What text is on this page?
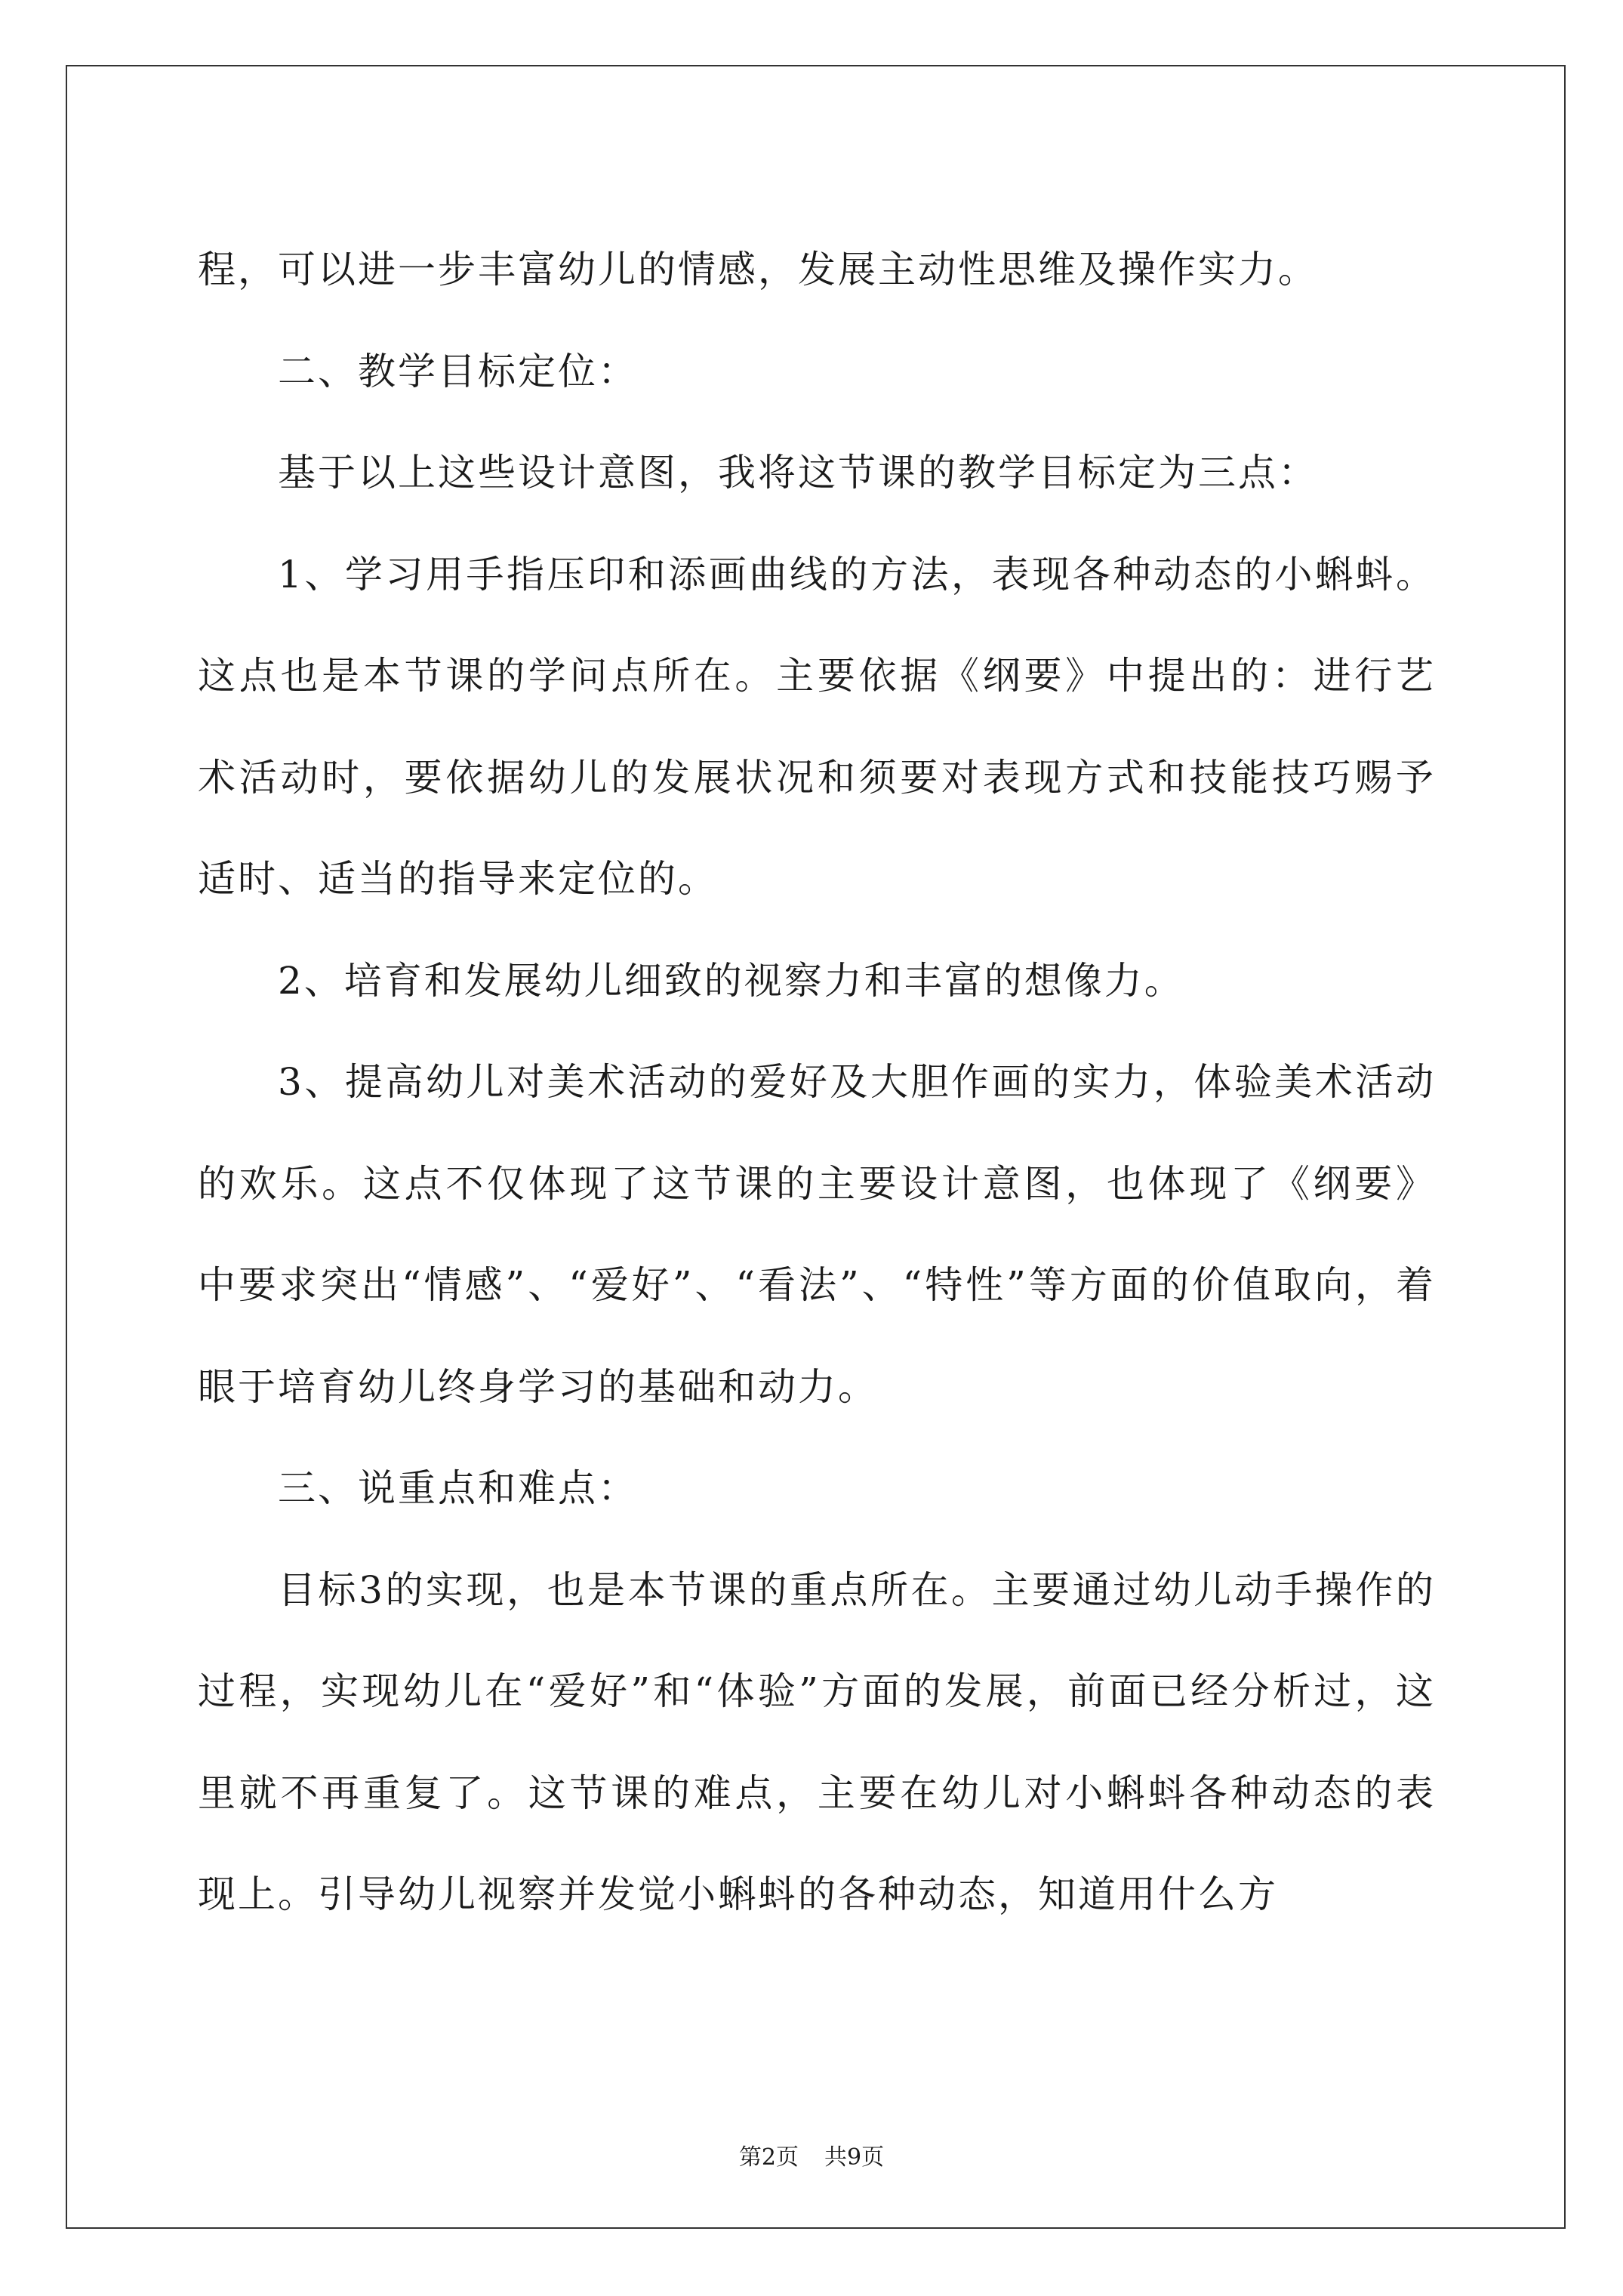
程，可以进一步丰富幼儿的情感，发展主动性思维及操作实力。

二、教学目标定位：

基于以上这些设计意图，我将这节课的教学目标定为三点：

1、学习用手指压印和添画曲线的方法，表现各种动态的小蝌蚪。这点也是本节课的学问点所在。主要依据《纲要》中提出的：进行艺术活动时，要依据幼儿的发展状况和须要对表现方式和技能技巧赐予适时、适当的指导来定位的。

2、培育和发展幼儿细致的视察力和丰富的想像力。

3、提高幼儿对美术活动的爱好及大胆作画的实力，体验美术活动的欢乐。这点不仅体现了这节课的主要设计意图，也体现了《纲要》中要求突出“情感”、“爱好”、“看法”、“特性”等方面的价值取向，着眼于培育幼儿终身学习的基础和动力。

三、说重点和难点：

目标3的实现，也是本节课的重点所在。主要通过幼儿动手操作的过程，实现幼儿在“爱好”和“体验”方面的发展，前面已经分析过，这里就不再重复了。这节课的难点，主要在幼儿对小蝌蚪各种动态的表现上。引导幼儿视察并发觉小蝌蚪的各种动态，知道用什么方

第2页 共9页
